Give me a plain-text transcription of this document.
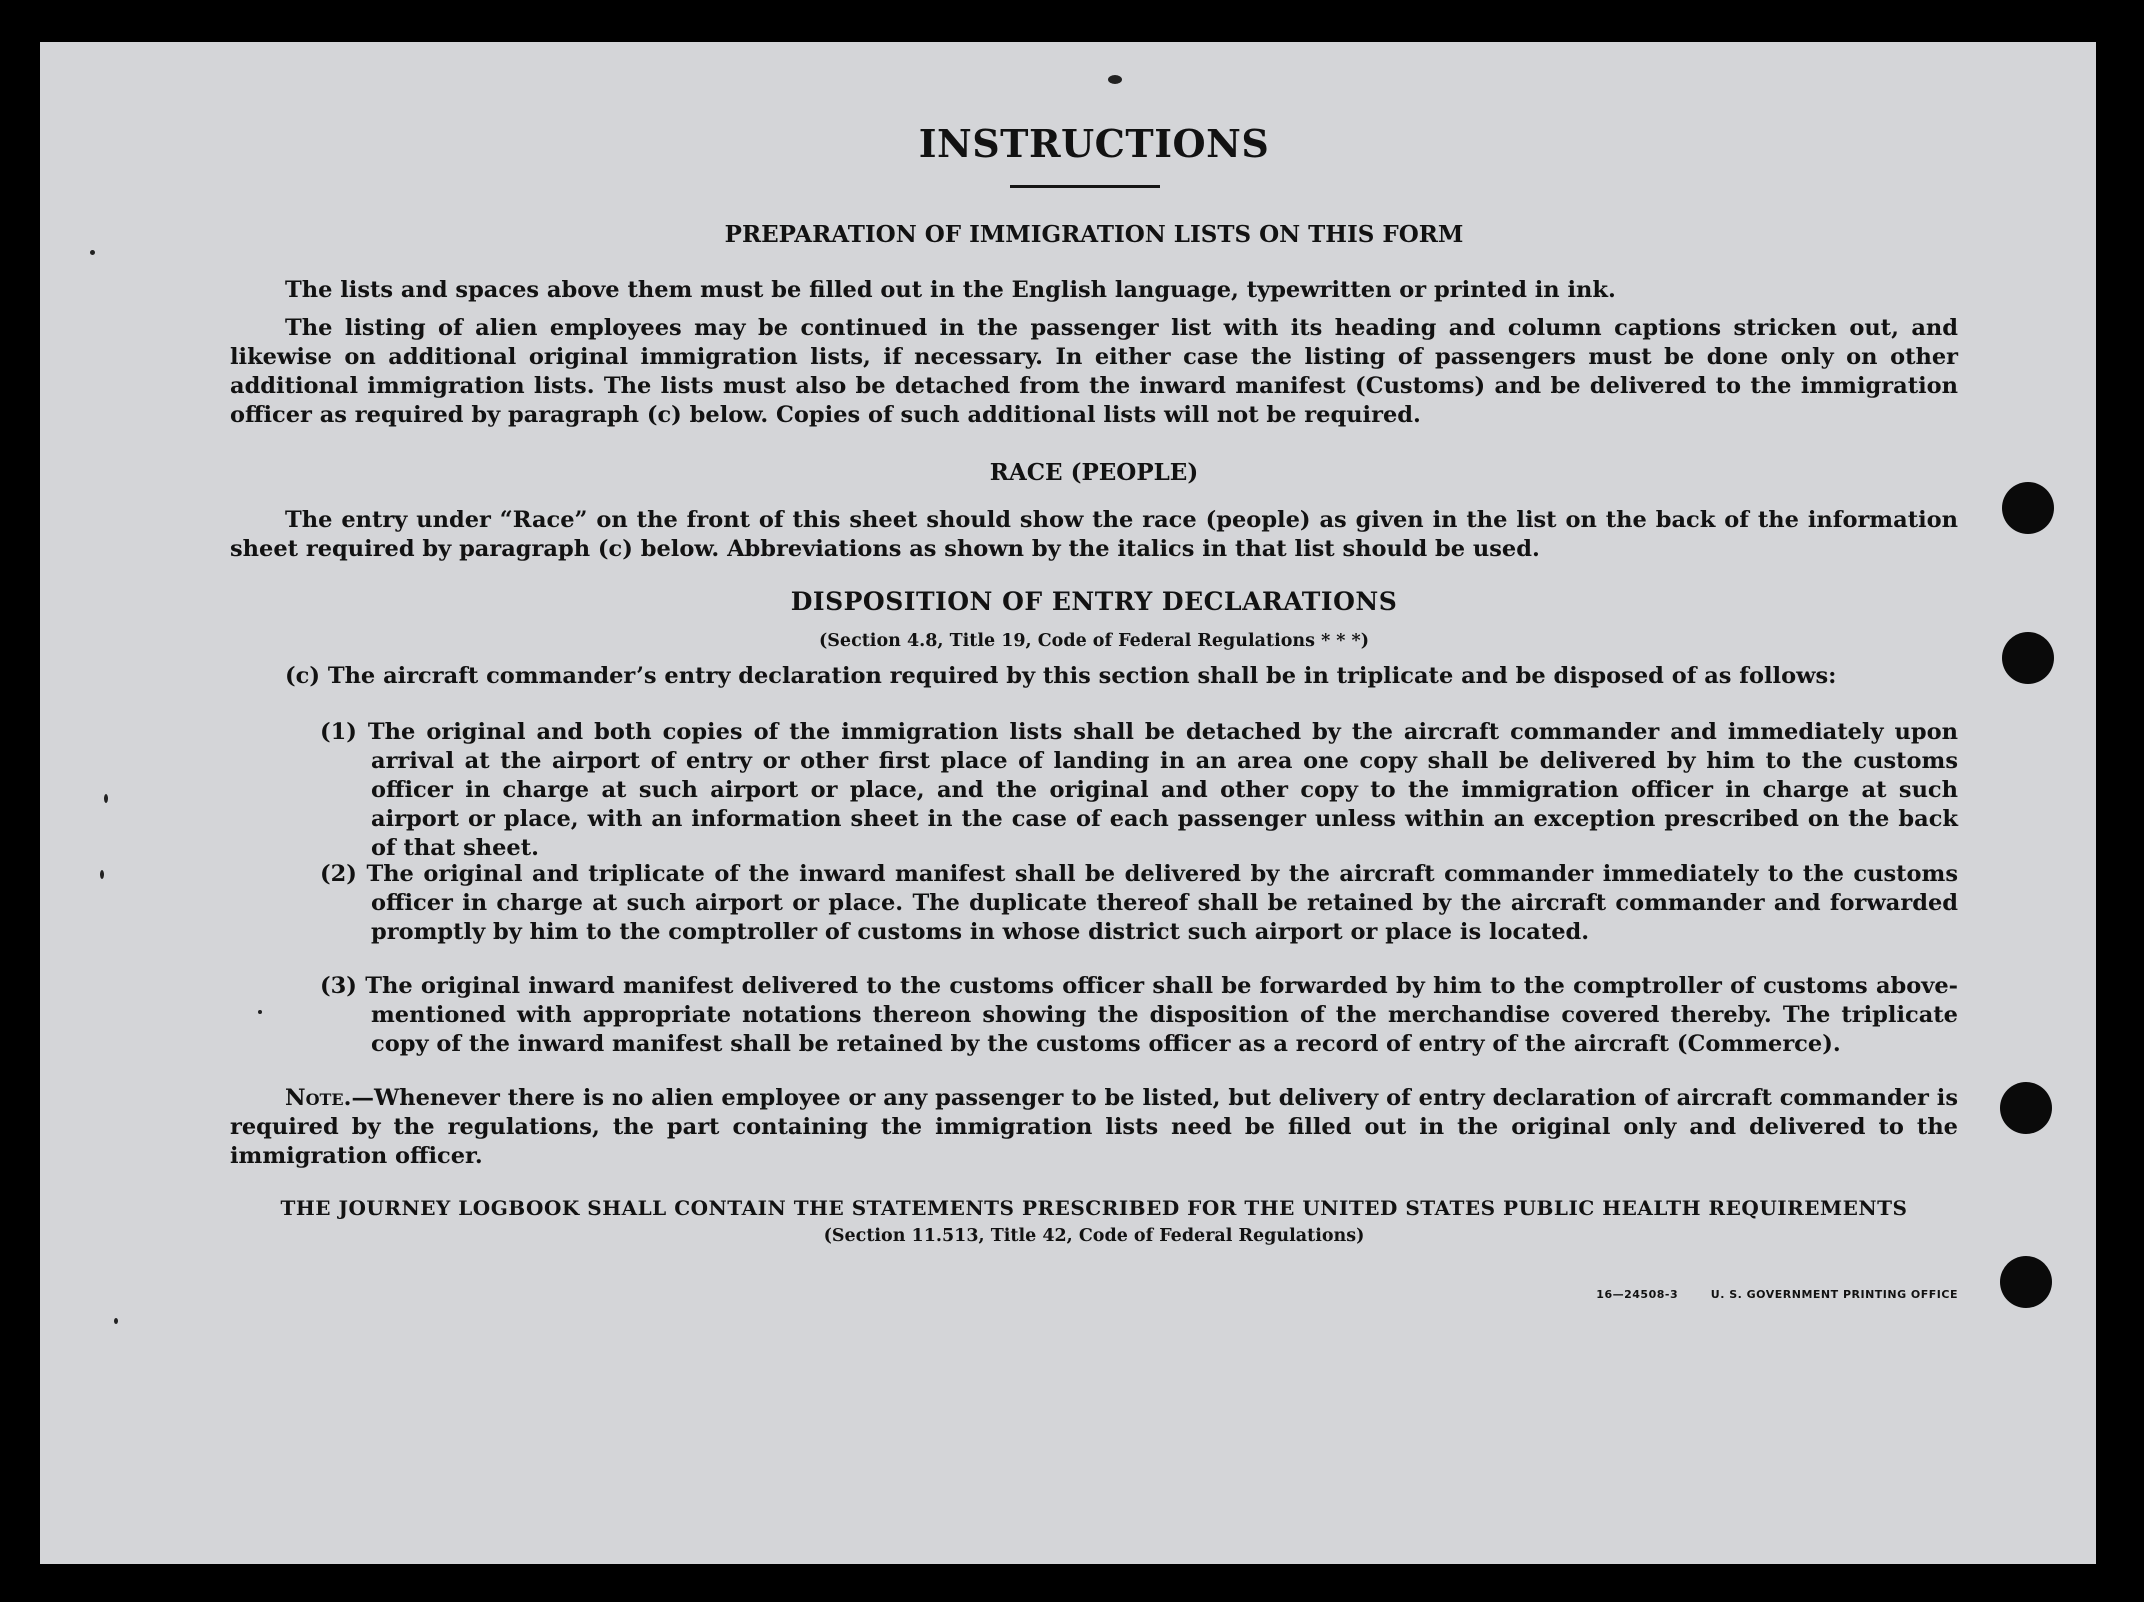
INSTRUCTIONS
PREPARATION OF IMMIGRATION LISTS ON THIS FORM

The lists and spaces above them must be filled out in the English language, typewritten or printed in ink.

The listing of alien employees may be continued in the passenger list with its heading and column captions stricken out, and likewise on additional original immigration lists, if necessary. In either case the listing of passengers must be done only on other additional immigration lists. The lists must also be detached from the inward manifest (Customs) and be delivered to the immigration officer as required by paragraph (c) below. Copies of such additional lists will not be required.

RACE (PEOPLE)

The entry under “Race” on the front of this sheet should show the race (people) as given in the list on the back of the information sheet required by paragraph (c) below. Abbreviations as shown by the italics in that list should be used.

DISPOSITION OF ENTRY DECLARATIONS
(Section 4.8, Title 19, Code of Federal Regulations * * *)

(c) The aircraft commander’s entry declaration required by this section shall be in triplicate and be disposed of as follows:

(1) The original and both copies of the immigration lists shall be detached by the aircraft commander and immediately upon arrival at the airport of entry or other first place of landing in an area one copy shall be delivered by him to the customs officer in charge at such airport or place, and the original and other copy to the immigration officer in charge at such airport or place, with an information sheet in the case of each passenger unless within an exception prescribed on the back of that sheet.

(2) The original and triplicate of the inward manifest shall be delivered by the aircraft commander immediately to the customs officer in charge at such airport or place. The duplicate thereof shall be retained by the aircraft commander and forwarded promptly by him to the comptroller of customs in whose district such airport or place is located.

(3) The original inward manifest delivered to the customs officer shall be forwarded by him to the comptroller of customs above-mentioned with appropriate notations thereon showing the disposition of the merchandise covered thereby. The triplicate copy of the inward manifest shall be retained by the customs officer as a record of entry of the aircraft (Commerce).

Note.—Whenever there is no alien employee or any passenger to be listed, but delivery of entry declaration of aircraft commander is required by the regulations, the part containing the immigration lists need be filled out in the original only and delivered to the immigration officer.

THE JOURNEY LOGBOOK SHALL CONTAIN THE STATEMENTS PRESCRIBED FOR THE UNITED STATES PUBLIC HEALTH REQUIREMENTS
(Section 11.513, Title 42, Code of Federal Regulations)
16—24508-3	U. S. GOVERNMENT PRINTING OFFICE
